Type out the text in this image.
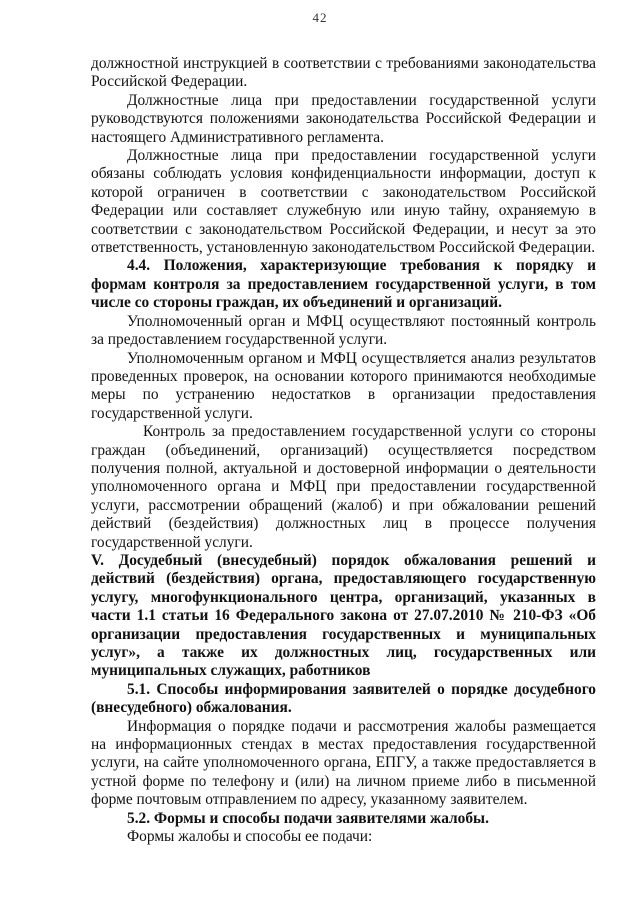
42

должностной инструкцией в соответствии с требованиями законодательства Российской Федерации.

Должностные лица при предоставлении государственной услуги руководствуются положениями законодательства Российской Федерации и настоящего Административного регламента.

Должностные лица при предоставлении государственной услуги обязаны соблюдать условия конфиденциальности информации, доступ к которой ограничен в соответствии с законодательством Российской Федерации или составляет служебную или иную тайну, охраняемую в соответствии с законодательством Российской Федерации, и несут за это ответственность, установленную законодательством Российской Федерации.

4.4. Положения, характеризующие требования к порядку и формам контроля за предоставлением государственной услуги, в том числе со стороны граждан, их объединений и организаций.

Уполномоченный орган и МФЦ осуществляют постоянный контроль за предоставлением государственной услуги.

Уполномоченным органом и МФЦ осуществляется анализ результатов проведенных проверок, на основании которого принимаются необходимые меры по устранению недостатков в организации предоставления государственной услуги.

Контроль за предоставлением государственной услуги со стороны граждан (объединений, организаций) осуществляется посредством получения полной, актуальной и достоверной информации о деятельности уполномоченного органа и МФЦ при предоставлении государственной услуги, рассмотрении обращений (жалоб) и при обжаловании решений действий (бездействия) должностных лиц в процессе получения государственной услуги.

V. Досудебный (внесудебный) порядок обжалования решений и действий (бездействия) органа, предоставляющего государственную услугу, многофункционального центра, организаций, указанных в части 1.1 статьи 16 Федерального закона от 27.07.2010 № 210-ФЗ «Об организации предоставления государственных и муниципальных услуг», а также их должностных лиц, государственных или муниципальных служащих, работников

5.1. Способы информирования заявителей о порядке досудебного (внесудебного) обжалования.

Информация о порядке подачи и рассмотрения жалобы размещается на информационных стендах в местах предоставления государственной услуги, на сайте уполномоченного органа, ЕПГУ, а также предоставляется в устной форме по телефону и (или) на личном приеме либо в письменной форме почтовым отправлением по адресу, указанному заявителем.

5.2. Формы и способы подачи заявителями жалобы.

Формы жалобы и способы ее подачи:
